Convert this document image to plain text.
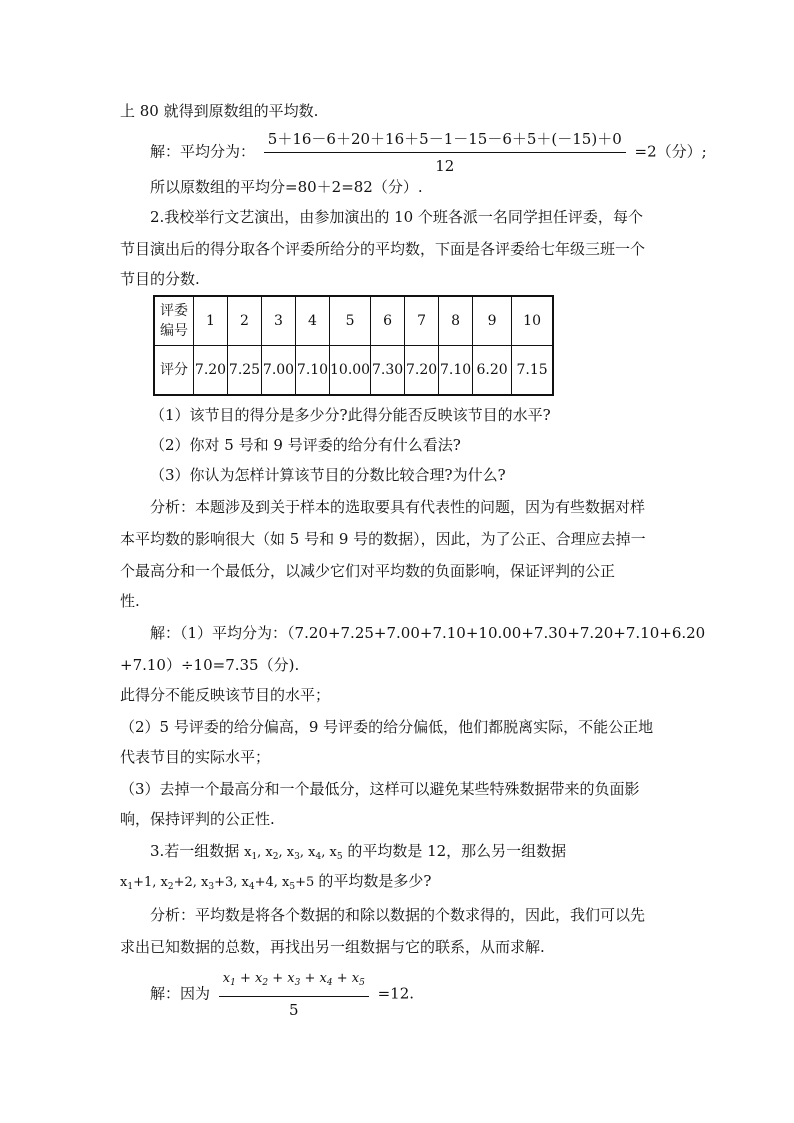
上 80 就得到原数组的平均数.
解：平均分为： $\frac{5+16-6+20+16+5-1-15-6+5+(-15)+0}{12} =2$（分）;
所以原数组的平均分=80＋2=82（分）.
2.我校举行文艺演出，由参加演出的 10 个班各派一名同学担任评委，每个
节目演出后的得分取各个评委所给分的平均数，下面是各评委给七年级三班一个
节目的分数.
评委编号	1	2	3	4	5	6	7	8	9	10
评分	7.20	7.25	7.00	7.10	10.00	7.30	7.20	7.10	6.20	7.15
（1）该节目的得分是多少分?此得分能否反映该节目的水平?
（2）你对 5 号和 9 号评委的给分有什么看法?
（3）你认为怎样计算该节目的分数比较合理?为什么?
分析：本题涉及到关于样本的选取要具有代表性的问题，因为有些数据对样
本平均数的影响很大（如 5 号和 9 号的数据），因此，为了公正、合理应去掉一
个最高分和一个最低分，以减少它们对平均数的负面影响，保证评判的公正
性.
解：（1）平均分为：（7.20+7.25+7.00+7.10+10.00+7.30+7.20+7.10+6.20
+7.10）÷10=7.35（分).
此得分不能反映该节目的水平；
（2）5 号评委的给分偏高，9 号评委的给分偏低，他们都脱离实际，不能公正地
代表节目的实际水平；
（3）去掉一个最高分和一个最低分，这样可以避免某些特殊数据带来的负面影
响，保持评判的公正性.
3.若一组数据 $x_1$, $x_2$, $x_3$, $x_4$, $x_5$ 的平均数是 12，那么另一组数据
$x_1+1$, $x_2+2$, $x_3+3$, $x_4+4$, $x_5+5$ 的平均数是多少?
分析：平均数是将各个数据的和除以数据的个数求得的，因此，我们可以先
求出已知数据的总数，再找出另一组数据与它的联系，从而求解.
解：因为 $\frac{x_1 + x_2 + x_3 + x_4 + x_5}{5} =12$.
